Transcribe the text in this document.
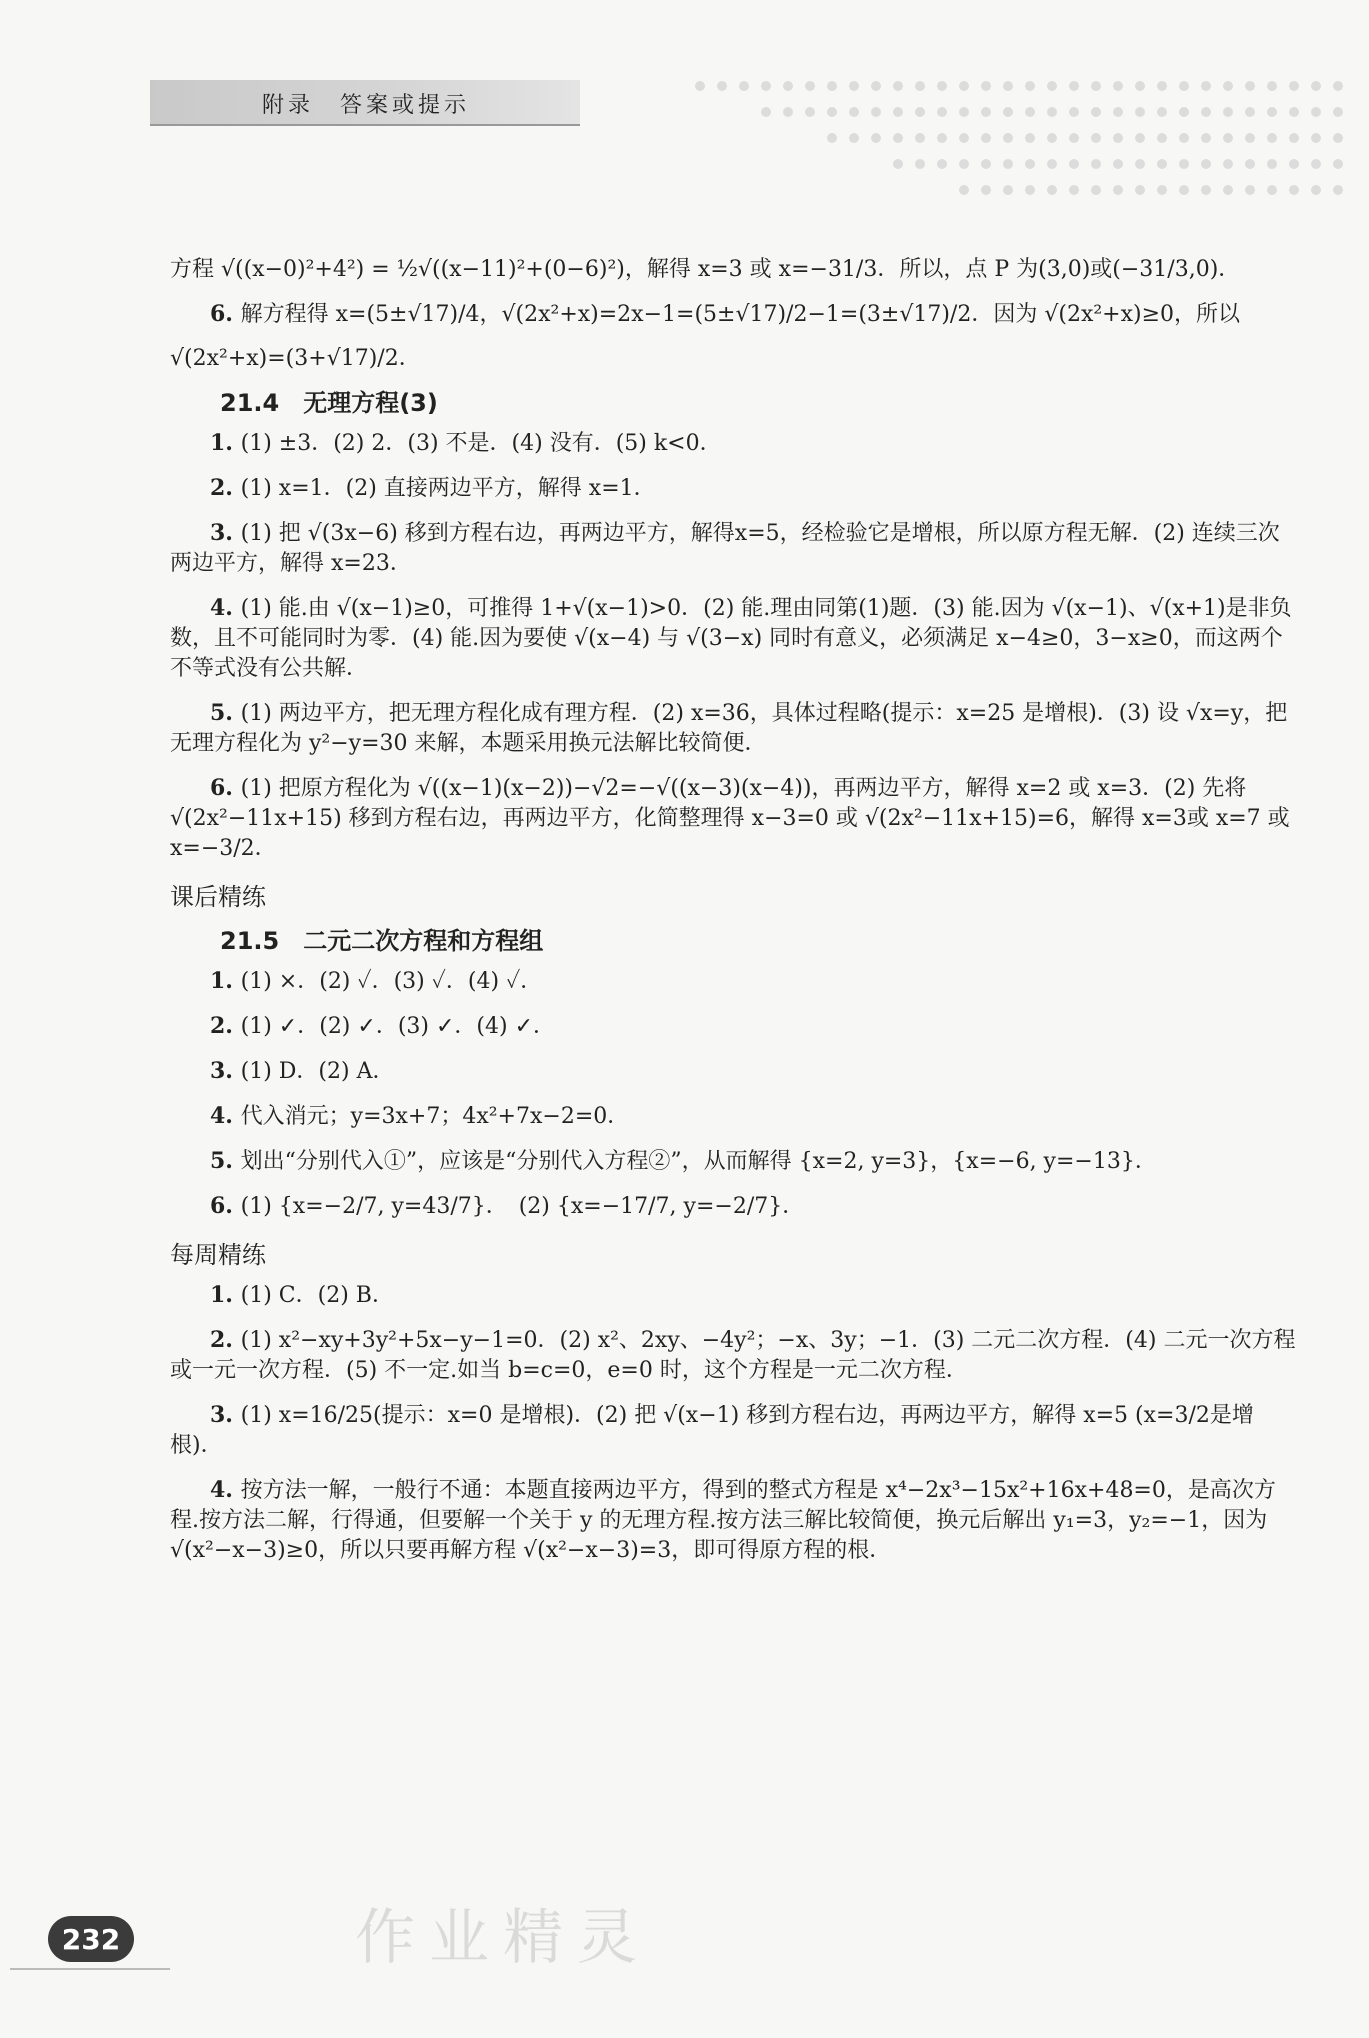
附录　答案或提示
方程 √((x−0)²+4²) = ½√((x−11)²+(0−6)²)，解得 x=3 或 x=−31/3．所以，点 P 为(3,0)或(−31/3,0)．
6. 解方程得 x=(5±√17)/4，√(2x²+x)=2x−1=(5±√17)/2−1=(3±√17)/2．因为 √(2x²+x)≥0，所以
√(2x²+x)=(3+√17)/2．
21.4　无理方程(3)
1. (1) ±3．(2) 2．(3) 不是．(4) 没有．(5) k<0．
2. (1) x=1．(2) 直接两边平方，解得 x=1．
3. (1) 把 √(3x−6) 移到方程右边，再两边平方，解得x=5，经检验它是增根，所以原方程无解．(2) 连续三次两边平方，解得 x=23．
4. (1) 能.由 √(x−1)≥0，可推得 1+√(x−1)>0．(2) 能.理由同第(1)题．(3) 能.因为 √(x−1)、√(x+1)是非负数，且不可能同时为零．(4) 能.因为要使 √(x−4) 与 √(3−x) 同时有意义，必须满足 x−4≥0，3−x≥0，而这两个不等式没有公共解．
5. (1) 两边平方，把无理方程化成有理方程．(2) x=36，具体过程略(提示：x=25 是增根)．(3) 设 √x=y，把无理方程化为 y²−y=30 来解，本题采用换元法解比较简便．
6. (1) 把原方程化为 √((x−1)(x−2))−√2=−√((x−3)(x−4))，再两边平方，解得 x=2 或 x=3．(2) 先将 √(2x²−11x+15) 移到方程右边，再两边平方，化简整理得 x−3=0 或 √(2x²−11x+15)=6，解得 x=3或 x=7 或 x=−3/2．
课后精练
21.5　二元二次方程和方程组
1. (1) ×．(2) ✓．(3) ✓．(4) ✓．
2. (1) ✓．(2) ✓．(3) ✓．(4) ✓．
3. (1) D．(2) A．
4. 代入消元；y=3x+7；4x²+7x−2=0．
5. 划出“分别代入①”，应该是“分别代入方程②”，从而解得 {x=2, y=3}，{x=−6, y=−13}．
6. (1) {x=−2/7, y=43/7}．　(2) {x=−17/7, y=−2/7}．
每周精练
1. (1) C．(2) B．
2. (1) x²−xy+3y²+5x−y−1=0．(2) x²、2xy、−4y²；−x、3y；−1．(3) 二元二次方程．(4) 二元一次方程或一元一次方程．(5) 不一定.如当 b=c=0，e=0 时，这个方程是一元二次方程．
3. (1) x=16/25(提示：x=0 是增根)．(2) 把 √(x−1) 移到方程右边，再两边平方，解得 x=5 (x=3/2是增根)．
4. 按方法一解，一般行不通：本题直接两边平方，得到的整式方程是 x⁴−2x³−15x²+16x+48=0，是高次方程.按方法二解，行得通，但要解一个关于 y 的无理方程.按方法三解比较简便，换元后解出 y₁=3，y₂=−1，因为 √(x²−x−3)≥0，所以只要再解方程 √(x²−x−3)=3，即可得原方程的根．
作业精灵
232
